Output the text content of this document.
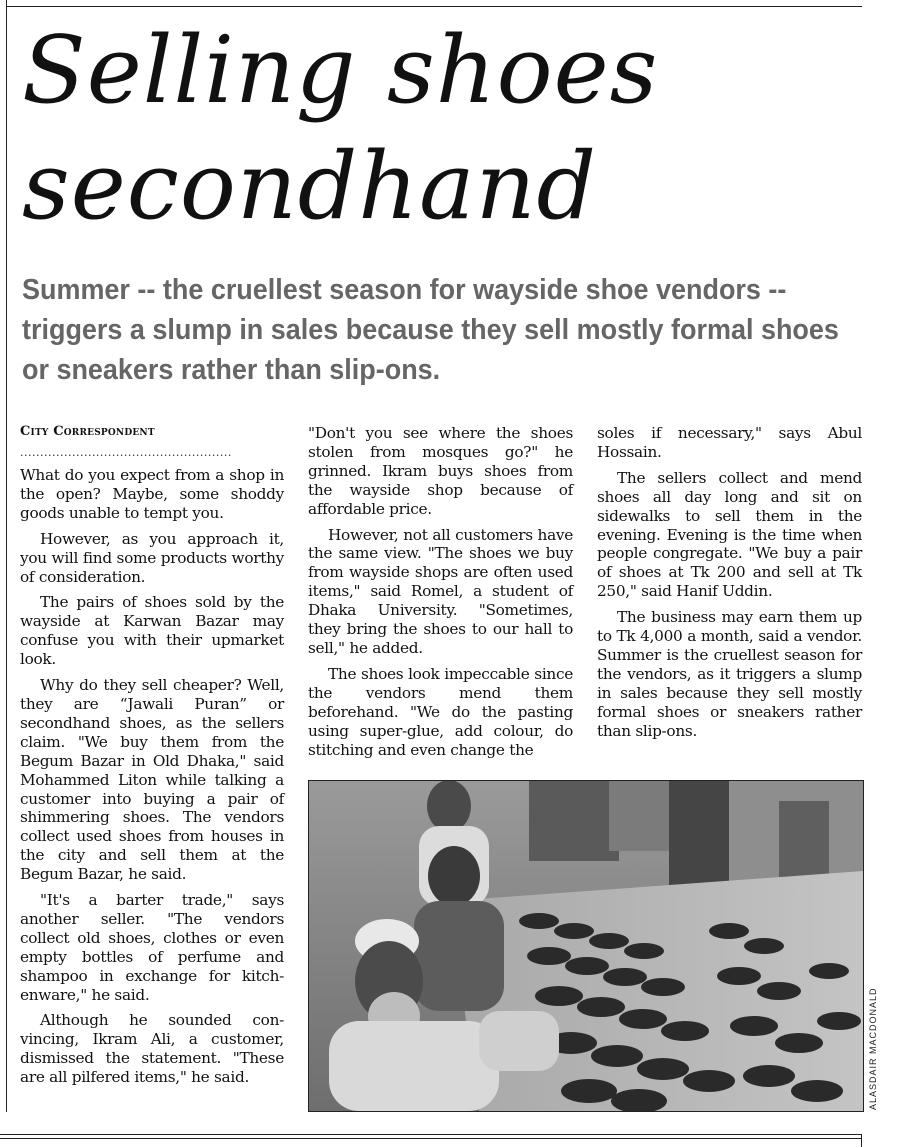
Selling shoes secondhand

Summer -- the cruellest season for wayside shoe vendors -- triggers a slump in sales because they sell mostly formal shoes or sneakers rather than slip-ons.

City Correspondent
.....................................................

What do you expect from a shop in the open? Maybe, some shoddy goods unable to tempt you.

However, as you approach it, you will find some products worthy of consideration.

The pairs of shoes sold by the wayside at Karwan Bazar may confuse you with their upmarket look.

Why do they sell cheaper? Well, they are “Jawali Puran” or secondhand shoes, as the sellers claim. "We buy them from the Begum Bazar in Old Dhaka," said Mohammed Liton while talking a customer into buying a pair of shimmering shoes. The vendors collect used shoes from houses in the city and sell them at the Begum Bazar, he said.

"It's a barter trade," says another seller. "The vendors collect old shoes, clothes or even empty bottles of perfume and shampoo in exchange for kitch-enware," he said.

Although he sounded con-vincing, Ikram Ali, a customer, dismissed the statement. "These are all pilfered items," he said.

"Don't you see where the shoes stolen from mosques go?" he grinned. Ikram buys shoes from the wayside shop because of affordable price.

However, not all customers have the same view. "The shoes we buy from wayside shops are often used items," said Romel, a student of Dhaka University. "Sometimes, they bring the shoes to our hall to sell," he added.

The shoes look impeccable since the vendors mend them beforehand. "We do the pasting using super-glue, add colour, do stitching and even change the

soles if necessary," says Abul Hossain.

The sellers collect and mend shoes all day long and sit on sidewalks to sell them in the evening. Evening is the time when people congregate. "We buy a pair of shoes at Tk 200 and sell at Tk 250," said Hanif Uddin.

The business may earn them up to Tk 4,000 a month, said a vendor. Summer is the cruellest season for the vendors, as it triggers a slump in sales because they sell mostly formal shoes or sneakers rather than slip-ons.

ALASDAIR MACDONALD
